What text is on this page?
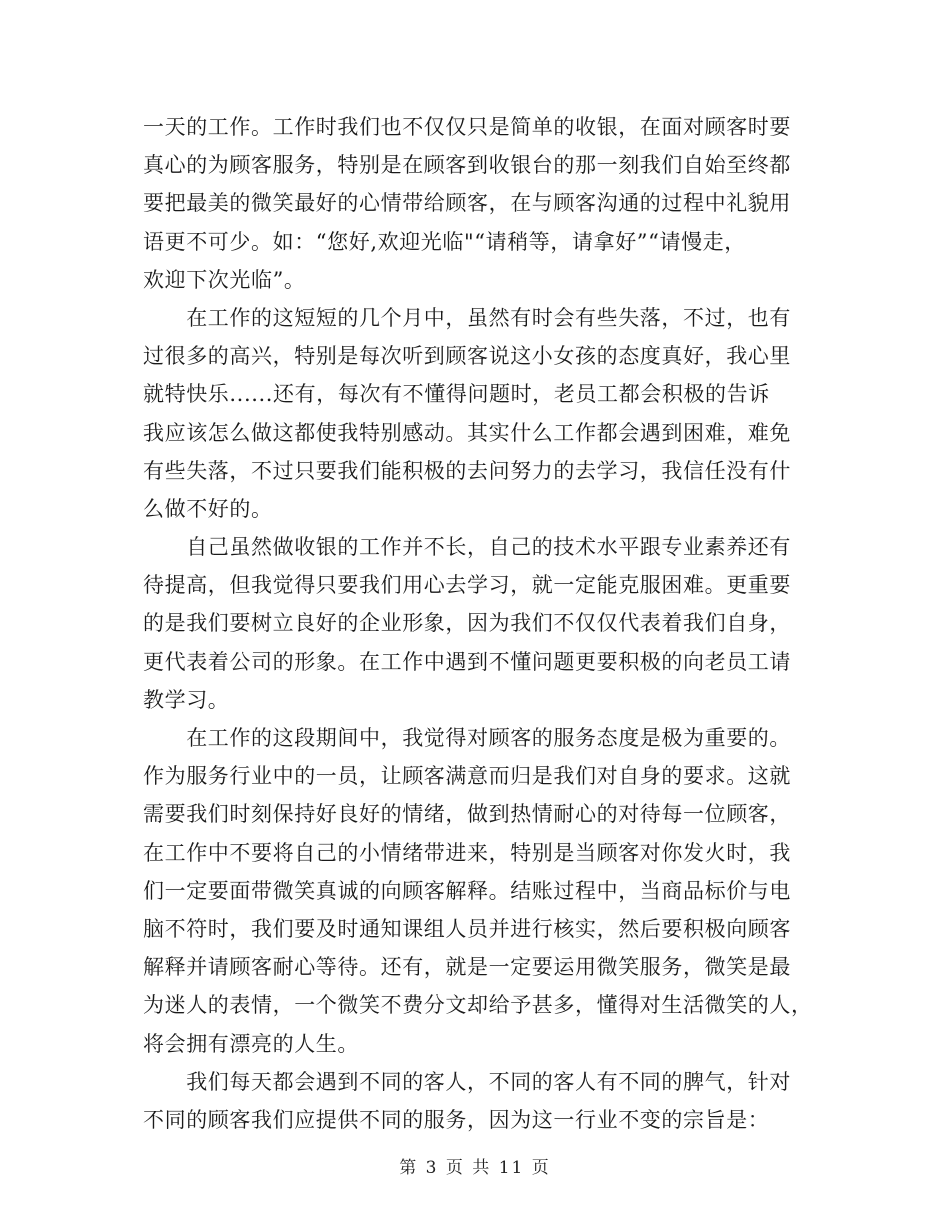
一天的工作。工作时我们也不仅仅只是简单的收银，在面对顾客时要
真心的为顾客服务，特别是在顾客到收银台的那一刻我们自始至终都
要把最美的微笑最好的心情带给顾客，在与顾客沟通的过程中礼貌用
语更不可少。如：“您好,欢迎光临"“请稍等，请拿好”“请慢走，
欢迎下次光临”。
　　在工作的这短短的几个月中，虽然有时会有些失落，不过，也有
过很多的高兴，特别是每次听到顾客说这小女孩的态度真好，我心里
就特快乐......还有，每次有不懂得问题时，老员工都会积极的告诉
我应该怎么做这都使我特别感动。其实什么工作都会遇到困难，难免
有些失落，不过只要我们能积极的去问努力的去学习，我信任没有什
么做不好的。
　　自己虽然做收银的工作并不长，自己的技术水平跟专业素养还有
待提高，但我觉得只要我们用心去学习，就一定能克服困难。更重要
的是我们要树立良好的企业形象，因为我们不仅仅代表着我们自身，
更代表着公司的形象。在工作中遇到不懂问题更要积极的向老员工请
教学习。
　　在工作的这段期间中，我觉得对顾客的服务态度是极为重要的。
作为服务行业中的一员，让顾客满意而归是我们对自身的要求。这就
需要我们时刻保持好良好的情绪，做到热情耐心的对待每一位顾客，
在工作中不要将自己的小情绪带进来，特别是当顾客对你发火时，我
们一定要面带微笑真诚的向顾客解释。结账过程中，当商品标价与电
脑不符时，我们要及时通知课组人员并进行核实，然后要积极向顾客
解释并请顾客耐心等待。还有，就是一定要运用微笑服务，微笑是最
为迷人的表情，一个微笑不费分文却给予甚多，懂得对生活微笑的人，
将会拥有漂亮的人生。
　　我们每天都会遇到不同的客人，不同的客人有不同的脾气，针对
不同的顾客我们应提供不同的服务，因为这一行业不变的宗旨是：
第 3 页 共 11 页
